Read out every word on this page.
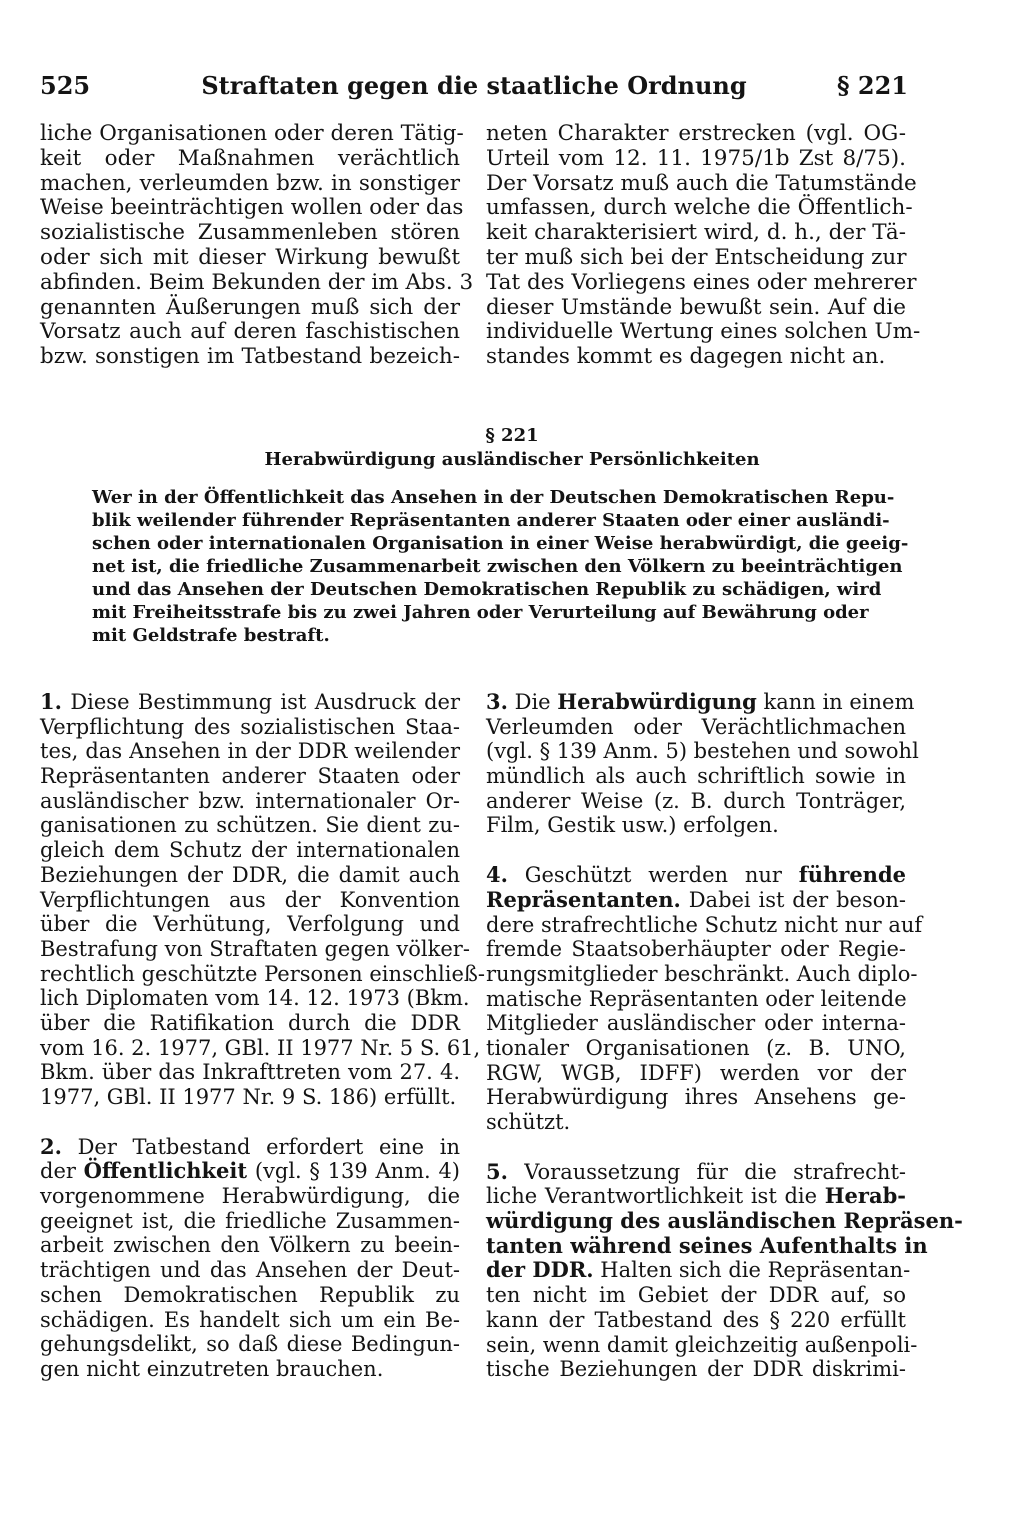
525	Straftaten gegen die staatliche Ordnung	§ 221
liche Organisationen oder deren Tätig-
keit oder Maßnahmen verächtlich
machen, verleumden bzw. in sonstiger
Weise beeinträchtigen wollen oder das
sozialistische Zusammenleben stören
oder sich mit dieser Wirkung bewußt
abfinden. Beim Bekunden der im Abs. 3
genannten Äußerungen muß sich der
Vorsatz auch auf deren faschistischen
bzw. sonstigen im Tatbestand bezeich-
neten Charakter erstrecken (vgl. OG-
Urteil vom 12. 11. 1975/1b Zst 8/75).
Der Vorsatz muß auch die Tatumstände
umfassen, durch welche die Öffentlich-
keit charakterisiert wird, d. h., der Tä-
ter muß sich bei der Entscheidung zur
Tat des Vorliegens eines oder mehrerer
dieser Umstände bewußt sein. Auf die
individuelle Wertung eines solchen Um-
standes kommt es dagegen nicht an.
§ 221
Herabwürdigung ausländischer Persönlichkeiten
Wer in der Öffentlichkeit das Ansehen in der Deutschen Demokratischen Repu-
blik weilender führender Repräsentanten anderer Staaten oder einer ausländi-
schen oder internationalen Organisation in einer Weise herabwürdigt, die geeig-
net ist, die friedliche Zusammenarbeit zwischen den Völkern zu beeinträchtigen
und das Ansehen der Deutschen Demokratischen Republik zu schädigen, wird
mit Freiheitsstrafe bis zu zwei Jahren oder Verurteilung auf Bewährung oder
mit Geldstrafe bestraft.
1. Diese Bestimmung ist Ausdruck der
Verpflichtung des sozialistischen Staa-
tes, das Ansehen in der DDR weilender
Repräsentanten anderer Staaten oder
ausländischer bzw. internationaler Or-
ganisationen zu schützen. Sie dient zu-
gleich dem Schutz der internationalen
Beziehungen der DDR, die damit auch
Verpflichtungen aus der Konvention
über die Verhütung, Verfolgung und
Bestrafung von Straftaten gegen völker-
rechtlich geschützte Personen einschließ-
lich Diplomaten vom 14. 12. 1973 (Bkm.
über die Ratifikation durch die DDR
vom 16. 2. 1977, GBl. II 1977 Nr. 5 S. 61,
Bkm. über das Inkrafttreten vom 27. 4.
1977, GBl. II 1977 Nr. 9 S. 186) erfüllt.
2. Der Tatbestand erfordert eine in
der Öffentlichkeit (vgl. § 139 Anm. 4)
vorgenommene Herabwürdigung, die
geeignet ist, die friedliche Zusammen-
arbeit zwischen den Völkern zu beein-
trächtigen und das Ansehen der Deut-
schen Demokratischen Republik zu
schädigen. Es handelt sich um ein Be-
gehungsdelikt, so daß diese Bedingun-
gen nicht einzutreten brauchen.
3. Die Herabwürdigung kann in einem
Verleumden oder Verächtlichmachen
(vgl. § 139 Anm. 5) bestehen und sowohl
mündlich als auch schriftlich sowie in
anderer Weise (z. B. durch Tonträger,
Film, Gestik usw.) erfolgen.
4. Geschützt werden nur führende
Repräsentanten. Dabei ist der beson-
dere strafrechtliche Schutz nicht nur auf
fremde Staatsoberhäupter oder Regie-
rungsmitglieder beschränkt. Auch diplo-
matische Repräsentanten oder leitende
Mitglieder ausländischer oder interna-
tionaler Organisationen (z. B. UNO,
RGW, WGB, IDFF) werden vor der
Herabwürdigung ihres Ansehens ge-
schützt.
5. Voraussetzung für die strafrecht-
liche Verantwortlichkeit ist die Herab-
würdigung des ausländischen Repräsen-
tanten während seines Aufenthalts in
der DDR. Halten sich die Repräsentan-
ten nicht im Gebiet der DDR auf, so
kann der Tatbestand des § 220 erfüllt
sein, wenn damit gleichzeitig außenpoli-
tische Beziehungen der DDR diskrimi-
